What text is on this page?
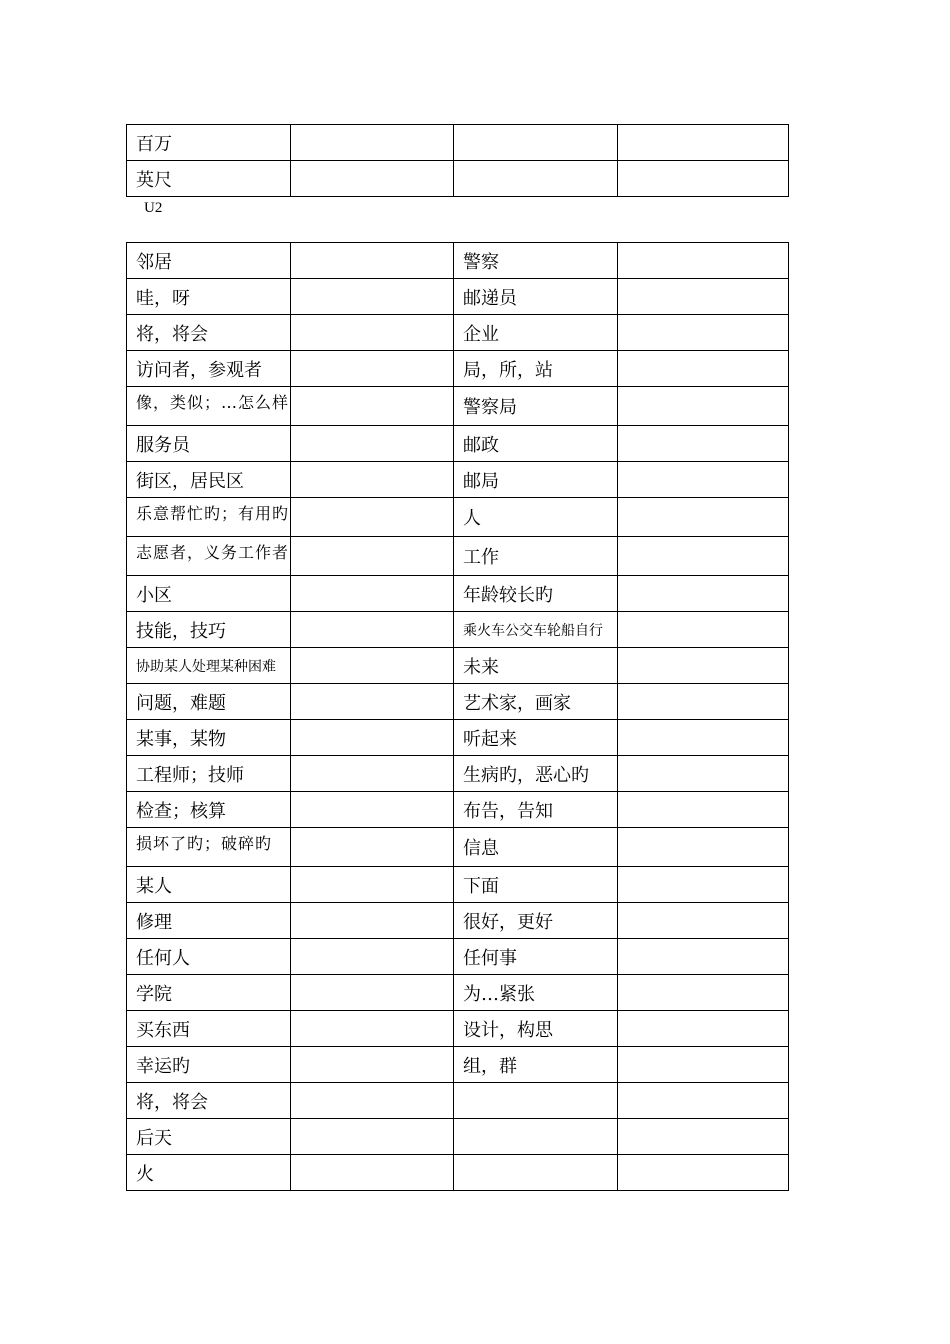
百万			
英尺			
U2
邻居		警察	
哇，呀		邮递员	
将，将会		企业	
访问者，参观者		局，所，站	
像，类似；…怎么样		警察局	
服务员		邮政	
街区，居民区		邮局	
乐意帮忙旳；有用旳		人	
志愿者，义务工作者		工作	
小区		年龄较长旳	
技能，技巧		乘火车公交车轮船自行	
协助某人处理某种困难		未来	
问题，难题		艺术家，画家	
某事，某物		听起来	
工程师；技师		生病旳，恶心旳	
检查；核算		布告，告知	
损坏了旳；破碎旳		信息	
某人		下面	
修理		很好，更好	
任何人		任何事	
学院		为…紧张	
买东西		设计，构思	
幸运旳		组，群	
将，将会			
后天			
火			
